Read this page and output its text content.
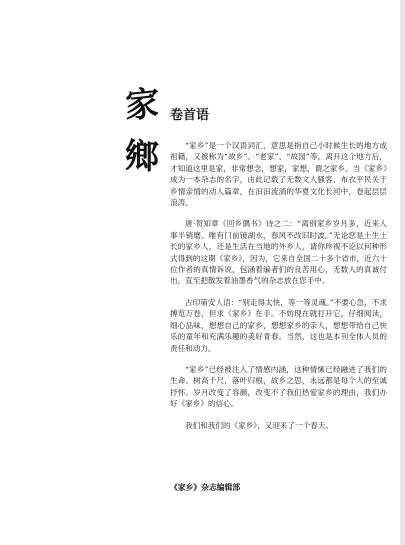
家
鄉
卷首语

“家乡”是一个汉语词汇，意思是指自己小时候生长的地方或祖籍，又被称为“故乡”、“老家”、“故园”等。离开这个地方后，才知道这里是家，非常想念，想家，家想，谓之家乡。当《家乡》成为一本杂志的名字，由此记载了无数文人骚客、布衣平民关于乡情亲情的动人篇章，在汩汩流淌的华夏文化长河中，卷起层层浪涛。

唐·贺知章《回乡偶书》诗之二：“离别家乡岁月多，近来人事半销磨。唯有门前镜湖水，春风不改旧时波。”无论您是土生土长的家乡人，还是生活在当地的外乡人，请你珍视不论以何种形式得到的这期《家乡》，因为，它来自全国二十多个省市，近六十位作者的真情诉说，包涵着编者们的良苦用心，无数人的真诚付出，直至把散发着油墨香气的杂志放在您手中。

古印第安人语：“别走得太快，等一等灵魂。”不要心急，不求搏览万卷，但求《家乡》在手。不妨现在就打开它，仔细阅读，细心品味，想想自己的家乡，想想家乡的亲人，想想带给自己快乐的童年和充满乐趣的美好青春。当然，这也是本刊全体人员的责任和动力。

“家乡”已经被注入了情感内涵，这种情愫已经融进了我们的生命。树高千尺，落叶归根，故乡之思，永远都是每个人的至诚抒怀。岁月改变了容颜，改变不了我们热爱家乡的理由，我们办好《家乡》的信心。

我们和我们的《家乡》，又迎来了一个春天。

《家乡》杂志编辑部
